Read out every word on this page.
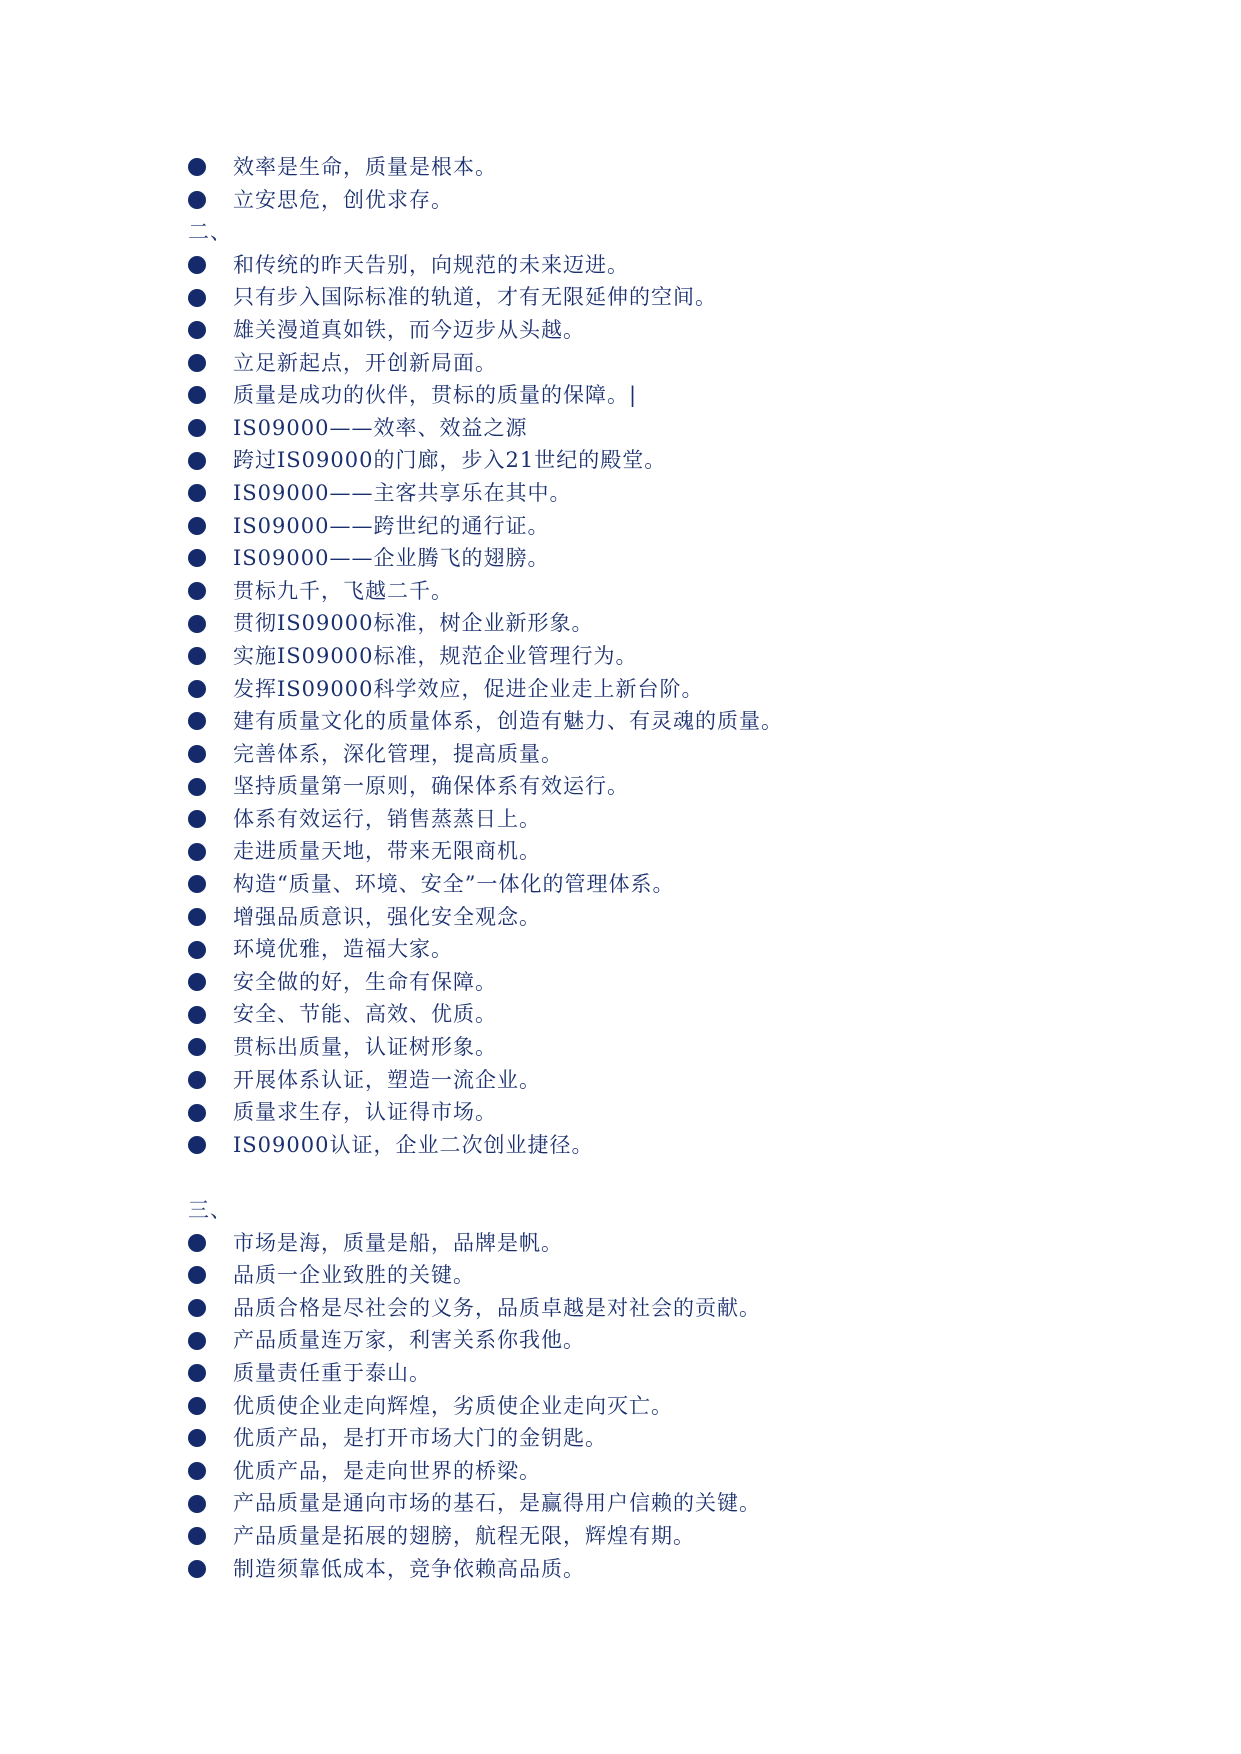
效率是生命，质量是根本。
立安思危，创优求存。
二、
和传统的昨天告别，向规范的未来迈进。
只有步入国际标准的轨道，才有无限延伸的空间。
雄关漫道真如铁，而今迈步从头越。
立足新起点，开创新局面。
质量是成功的伙伴，贯标的质量的保障。|
IS09000——效率、效益之源
跨过IS09000的门廊，步入21世纪的殿堂。
IS09000——主客共享乐在其中。
IS09000——跨世纪的通行证。
IS09000——企业腾飞的翅膀。
贯标九千，飞越二千。
贯彻IS09000标准，树企业新形象。
实施IS09000标准，规范企业管理行为。
发挥IS09000科学效应，促进企业走上新台阶。
建有质量文化的质量体系，创造有魅力、有灵魂的质量。
完善体系，深化管理，提高质量。
坚持质量第一原则，确保体系有效运行。
体系有效运行，销售蒸蒸日上。
走进质量天地，带来无限商机。
构造“质量、环境、安全”一体化的管理体系。
增强品质意识，强化安全观念。
环境优雅，造福大家。
安全做的好，生命有保障。
安全、节能、高效、优质。
贯标出质量，认证树形象。
开展体系认证，塑造一流企业。
质量求生存，认证得市场。
IS09000认证，企业二次创业捷径。
三、
市场是海，质量是船，品牌是帆。
品质一企业致胜的关键。
品质合格是尽社会的义务，品质卓越是对社会的贡献。
产品质量连万家，利害关系你我他。
质量责任重于泰山。
优质使企业走向辉煌，劣质使企业走向灭亡。
优质产品，是打开市场大门的金钥匙。
优质产品，是走向世界的桥梁。
产品质量是通向市场的基石，是赢得用户信赖的关键。
产品质量是拓展的翅膀，航程无限，辉煌有期。
制造须靠低成本，竞争依赖高品质。
